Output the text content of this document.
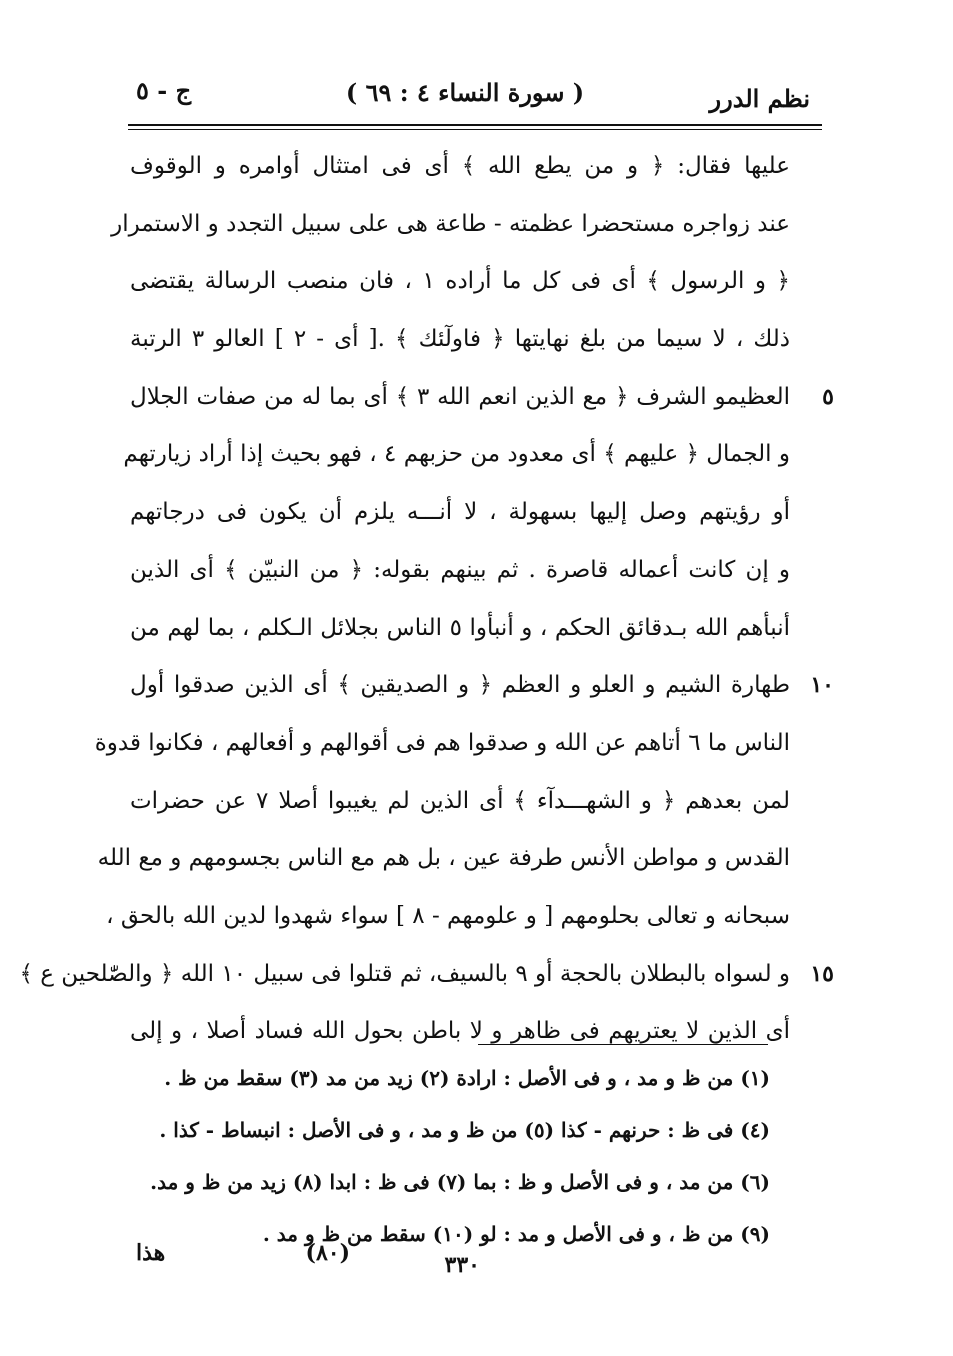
نظم الدرر
( سورة النساء ٤ : ٦٩ )
ج - ٥
عليها فقال: ﴿ و من يطع الله ﴾ أى فى امتثال أوامره و الوقوف
عند زواجره مستحضرا عظمته - طاعة هى على سبيل التجدد و الاستمرار
﴿ و الرسول ﴾ أى فى كل ما أراده ١ ، فان منصب الرسالة يقتضى
ذلك ، لا سيما من بلغ نهايتها ﴿ فاولٓئك ﴾ .[ أى - ٢ ] العالو ٣ الرتبة
٥
العظيمو الشرف ﴿ مع الذين انعم الله ٣ ﴾ أى بما له من صفات الجلال
و الجمال ﴿ عليهم ﴾ أى معدود من حزبهم ٤ ، فهو بحيث إذا أراد زيارتهم
أو رؤيتهم وصل إليها بسهولة ، لا أنـــه يلزم أن يكون فى درجاتهم
و إن كانت أعماله قاصرة . ثم بينهم بقوله: ﴿ من النبيّن ﴾ أى الذين
أنبأهم الله بـدقائق الحكم ، و أنبأوا ٥ الناس بجلائل الـكلم ، بما لهم من
١٠
طهارة الشيم و العلو و العظم ﴿ و الصديقين ﴾ أى الذين صدقوا أول
الناس ما ٦ أتاهم عن الله و صدقوا هم فى أقوالهم و أفعالهم ، فكانوا قدوة
لمن بعدهم ﴿ و الشهـــدآء ﴾ أى الذين لم يغيبوا أصلا ٧ عن حضرات
القدس و مواطن الأنس طرفة عين ، بل هم مع الناس بجسومهم و مع الله
سبحانه و تعالى بحلومهم [ و علومهم - ٨ ] سواء شهدوا لدين الله بالحق ،
١٥
و لسواه بالبطلان بالحجة أو ٩ بالسيف، ثم قتلوا فى سبيل ١٠ الله ﴿ والصّٰلحين ع ﴾
أى الذين لا يعتريهم فى ظاهر و لا باطن بحول الله فساد أصلا ، و إلى
(١) من ظ و مد ، و فى الأصل : ارادة (٢) زيد من مد (٣) سقط من ظ .
(٤) فى ظ : حرنهم - كذا (٥) من ظ و مد ، و فى الأصل : انبساط - كذا .
(٦) من مد ، و فى الأصل و ظ : بما (٧) فى ظ : ابدا (٨) زيد من ظ و مد.
(٩) من ظ ، و فى الأصل و مد : لو (١٠) سقط من ظ و مد .
٣٣٠
(٨٠)
هذا
